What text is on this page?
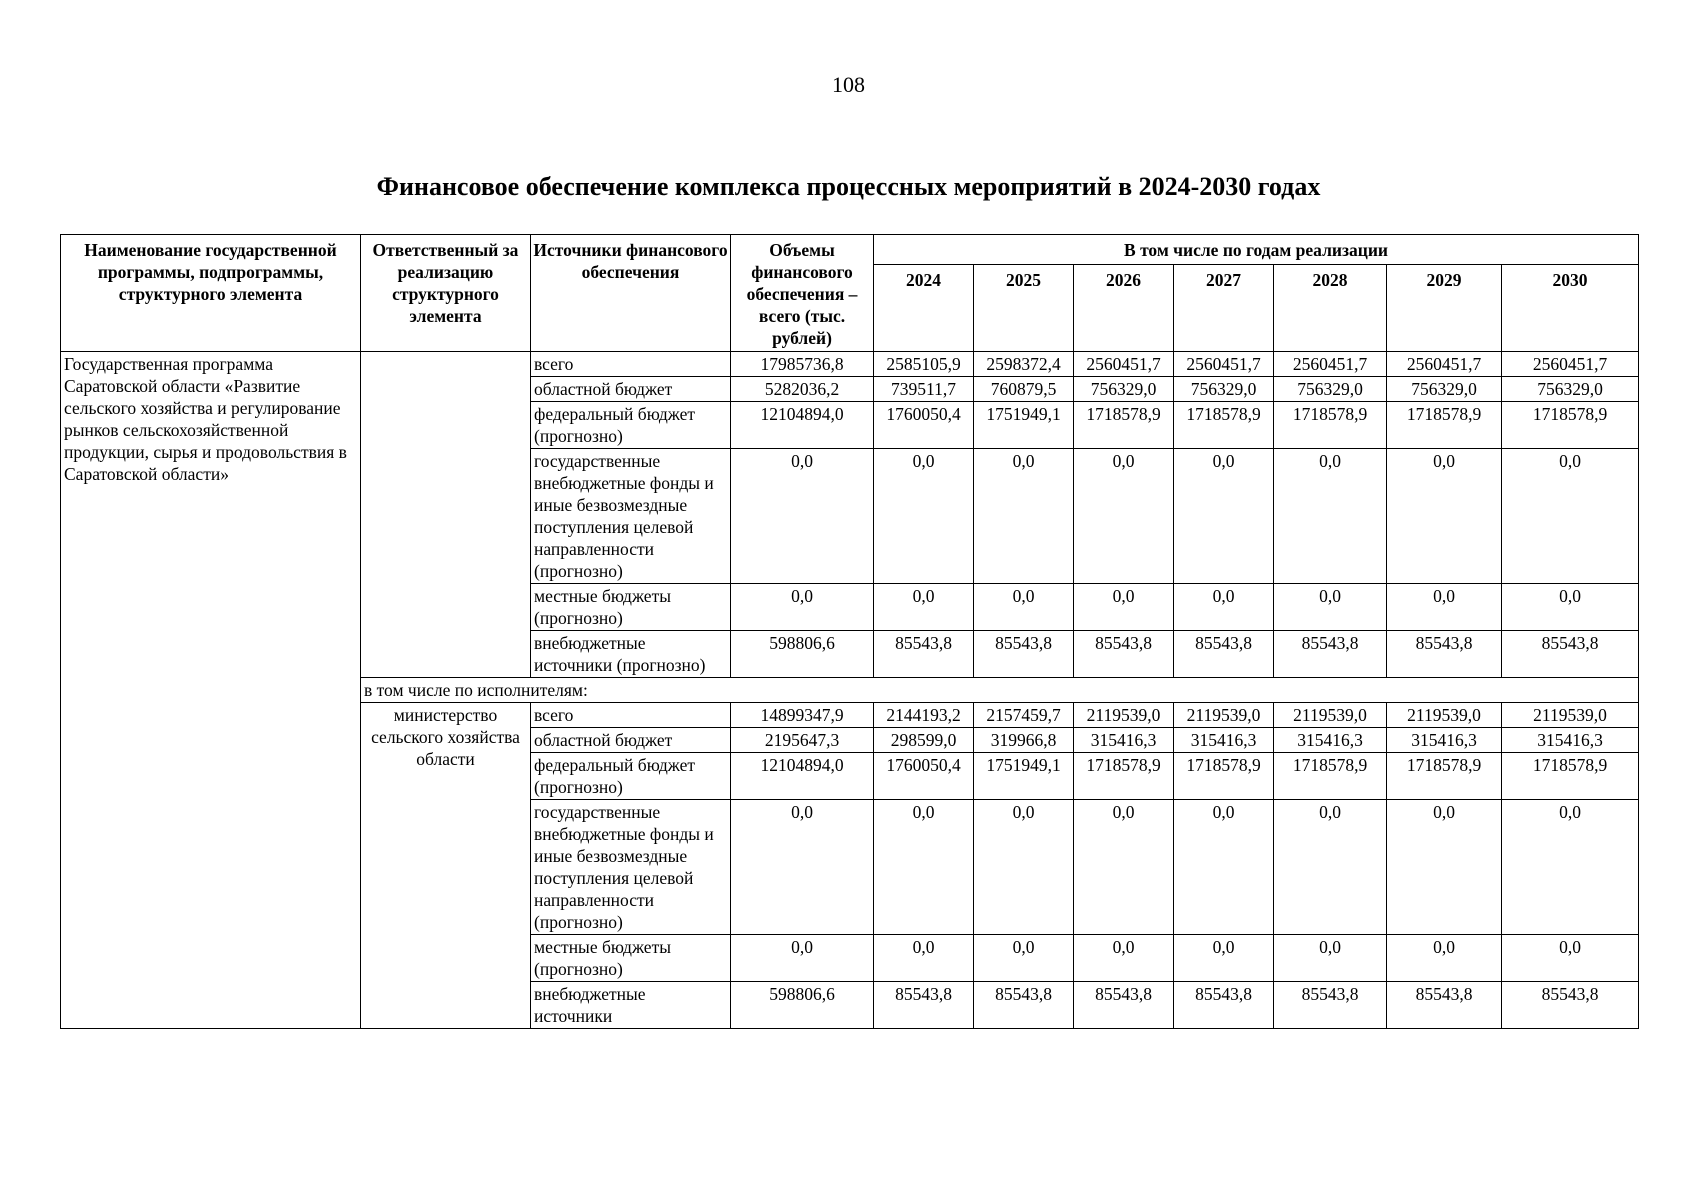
108
Финансовое обеспечение комплекса процессных мероприятий в 2024-2030 годах
Наименование государственной программы, подпрограммы, структурного элемента	Ответственный за реализацию структурного элемента	Источники финансового обеспечения	Объемы финансового обеспечения – всего (тыс. рублей)	В том числе по годам реализации						
				2024	2025	2026	2027	2028	2029	2030
Государственная программа Саратовской области «Развитие сельского хозяйства и регулирование рынков сельскохозяйственной продукции, сырья и продовольствия в Саратовской области»		всего	17985736,8	2585105,9	2598372,4	2560451,7	2560451,7	2560451,7	2560451,7	2560451,7
		областной бюджет	5282036,2	739511,7	760879,5	756329,0	756329,0	756329,0	756329,0	756329,0
		федеральный бюджет (прогнозно)	12104894,0	1760050,4	1751949,1	1718578,9	1718578,9	1718578,9	1718578,9	1718578,9
		государственные внебюджетные фонды и иные безвозмездные поступления целевой направленности (прогнозно)	0,0	0,0	0,0	0,0	0,0	0,0	0,0	0,0
		местные бюджеты (прогнозно)	0,0	0,0	0,0	0,0	0,0	0,0	0,0	0,0
		внебюджетные источники (прогнозно)	598806,6	85543,8	85543,8	85543,8	85543,8	85543,8	85543,8	85543,8
	в том числе по исполнителям:									
	министерство сельского хозяйства области	всего	14899347,9	2144193,2	2157459,7	2119539,0	2119539,0	2119539,0	2119539,0	2119539,0
		областной бюджет	2195647,3	298599,0	319966,8	315416,3	315416,3	315416,3	315416,3	315416,3
		федеральный бюджет (прогнозно)	12104894,0	1760050,4	1751949,1	1718578,9	1718578,9	1718578,9	1718578,9	1718578,9
		государственные внебюджетные фонды и иные безвозмездные поступления целевой направленности (прогнозно)	0,0	0,0	0,0	0,0	0,0	0,0	0,0	0,0
		местные бюджеты (прогнозно)	0,0	0,0	0,0	0,0	0,0	0,0	0,0	0,0
		внебюджетные источники	598806,6	85543,8	85543,8	85543,8	85543,8	85543,8	85543,8	85543,8
